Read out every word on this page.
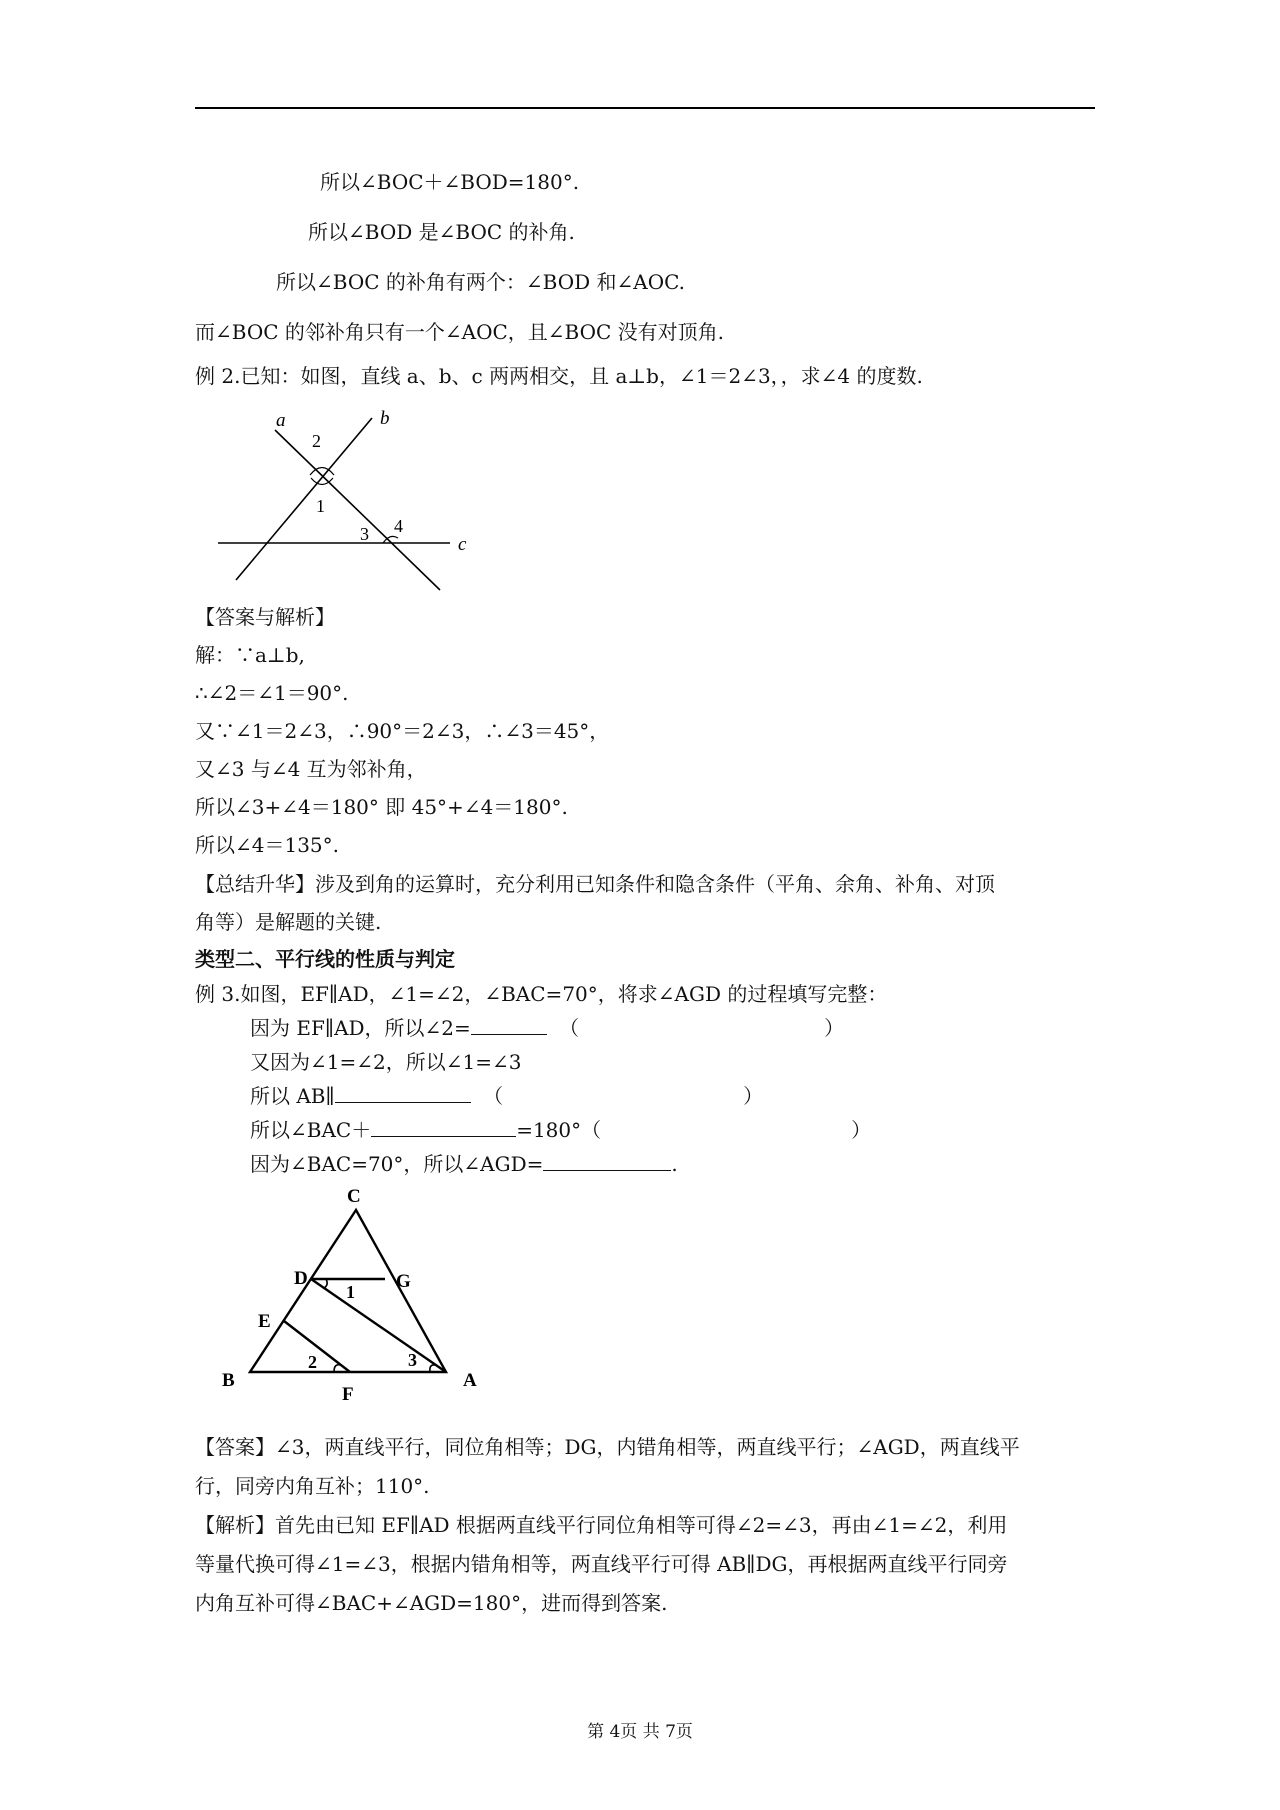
所以∠BOC＋∠BOD=180°.
所以∠BOD 是∠BOC 的补角.
所以∠BOC 的补角有两个：∠BOD 和∠AOC.
而∠BOC 的邻补角只有一个∠AOC，且∠BOC 没有对顶角.
例 2.已知：如图，直线 a、b、c 两两相交，且 a⊥b，∠1＝2∠3，，求∠4 的度数.
a	b
c
2
1
3 4
【答案与解析】
解：∵a⊥b,
∴∠2＝∠1＝90°.
又∵∠1＝2∠3，∴90°＝2∠3，∴∠3＝45°，
又∠3 与∠4 互为邻补角，
所以∠3+∠4＝180° 即 45°+∠4＝180°.
所以∠4＝135°.
【总结升华】涉及到角的运算时，充分利用已知条件和隐含条件（平角、余角、补角、对顶
角等）是解题的关键.
类型二、平行线的性质与判定
例 3.如图，EF∥AD，∠1=∠2，∠BAC=70°，将求∠AGD 的过程填写完整：
因为 EF∥AD，所以∠2=	（	）
又因为∠1=∠2，所以∠1=∠3
所以 AB∥	（	）
所以∠BAC＋	=180°（	）
因为∠BAC=70°，所以∠AGD=	.
C
D	G
E
B
F
A
1
2	3
【答案】∠3，两直线平行，同位角相等；DG，内错角相等，两直线平行；∠AGD，两直线平
行，同旁内角互补；110°.
【解析】首先由已知 EF∥AD 根据两直线平行同位角相等可得∠2=∠3，再由∠1=∠2，利用
等量代换可得∠1=∠3，根据内错角相等，两直线平行可得 AB∥DG，再根据两直线平行同旁
内角互补可得∠BAC+∠AGD=180°，进而得到答案.
第 4页 共 7页
